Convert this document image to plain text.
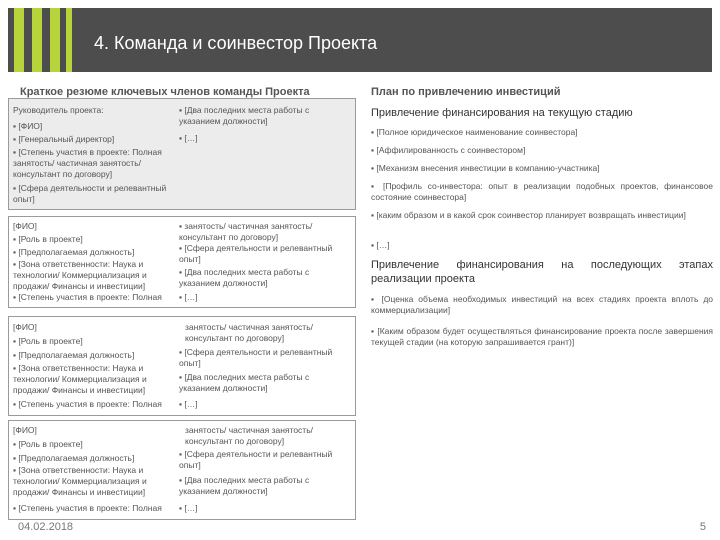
4. Команда и соинвестор Проекта
Краткое резюме ключевых членов команды Проекта
Руководитель проекта:
▪ [ФИО]
▪ [Генеральный директор]
▪ [Степень участия в проекте: Полная занятость/ частичная занятость/ консультант по договору]
▪ [Сфера деятельности и релевантный опыт]
▪ [Два последних места работы с указанием должности]
▪ […]
[ФИО]
▪ [Роль в проекте]
▪ [Предполагаемая должность]
▪ [Зона ответственности: Наука и технологии/ Коммерциализация и продажи/ Финансы и инвестиции]
▪ [Степень участия в проекте: Полная
▪ занятость/ частичная занятость/ консультант по договору]
▪ [Сфера деятельности и релевантный опыт]
▪ [Два последних места работы с указанием должности]
▪ […]
[ФИО]
▪ [Роль в проекте]
▪ [Предполагаемая должность]
▪ [Зона ответственности: Наука и технологии/ Коммерциализация и продажи/ Финансы и инвестиции]
▪ [Степень участия в проекте: Полная
занятость/ частичная занятость/ консультант по договору]
▪ [Сфера деятельности и релевантный опыт]
▪ [Два последних места работы с указанием должности]
▪ […]
[ФИО]
▪ [Роль в проекте]
▪ [Предполагаемая должность]
▪ [Зона ответственности: Наука и технологии/ Коммерциализация и продажи/ Финансы и инвестиции]
▪ [Степень участия в проекте: Полная
занятость/ частичная занятость/ консультант по договору]
▪ [Сфера деятельности и релевантный опыт]
▪ [Два последних места работы с указанием должности]
▪ […]
План по привлечению инвестиций
Привлечение финансирования на текущую стадию
▪ [Полное юридическое наименование соинвестора]
▪ [Аффилированность с соинвестором]
▪ [Механизм внесения инвестиции в компанию-участника]
▪ [Профиль со-инвестора: опыт в реализации подобных проектов, финансовое состояние соинвестора]
▪ [каким образом и в какой срок соинвестор планирует возвращать инвестиции]
▪ […]
Привлечение финансирования на последующих этапах реализации проекта
▪ [Оценка объема необходимых инвестиций на всех стадиях проекта вплоть до коммерциализации]
▪ [Каким образом будет осуществляться финансирование проекта после завершения текущей стадии (на которую запрашивается грант)]
04.02.2018	5
